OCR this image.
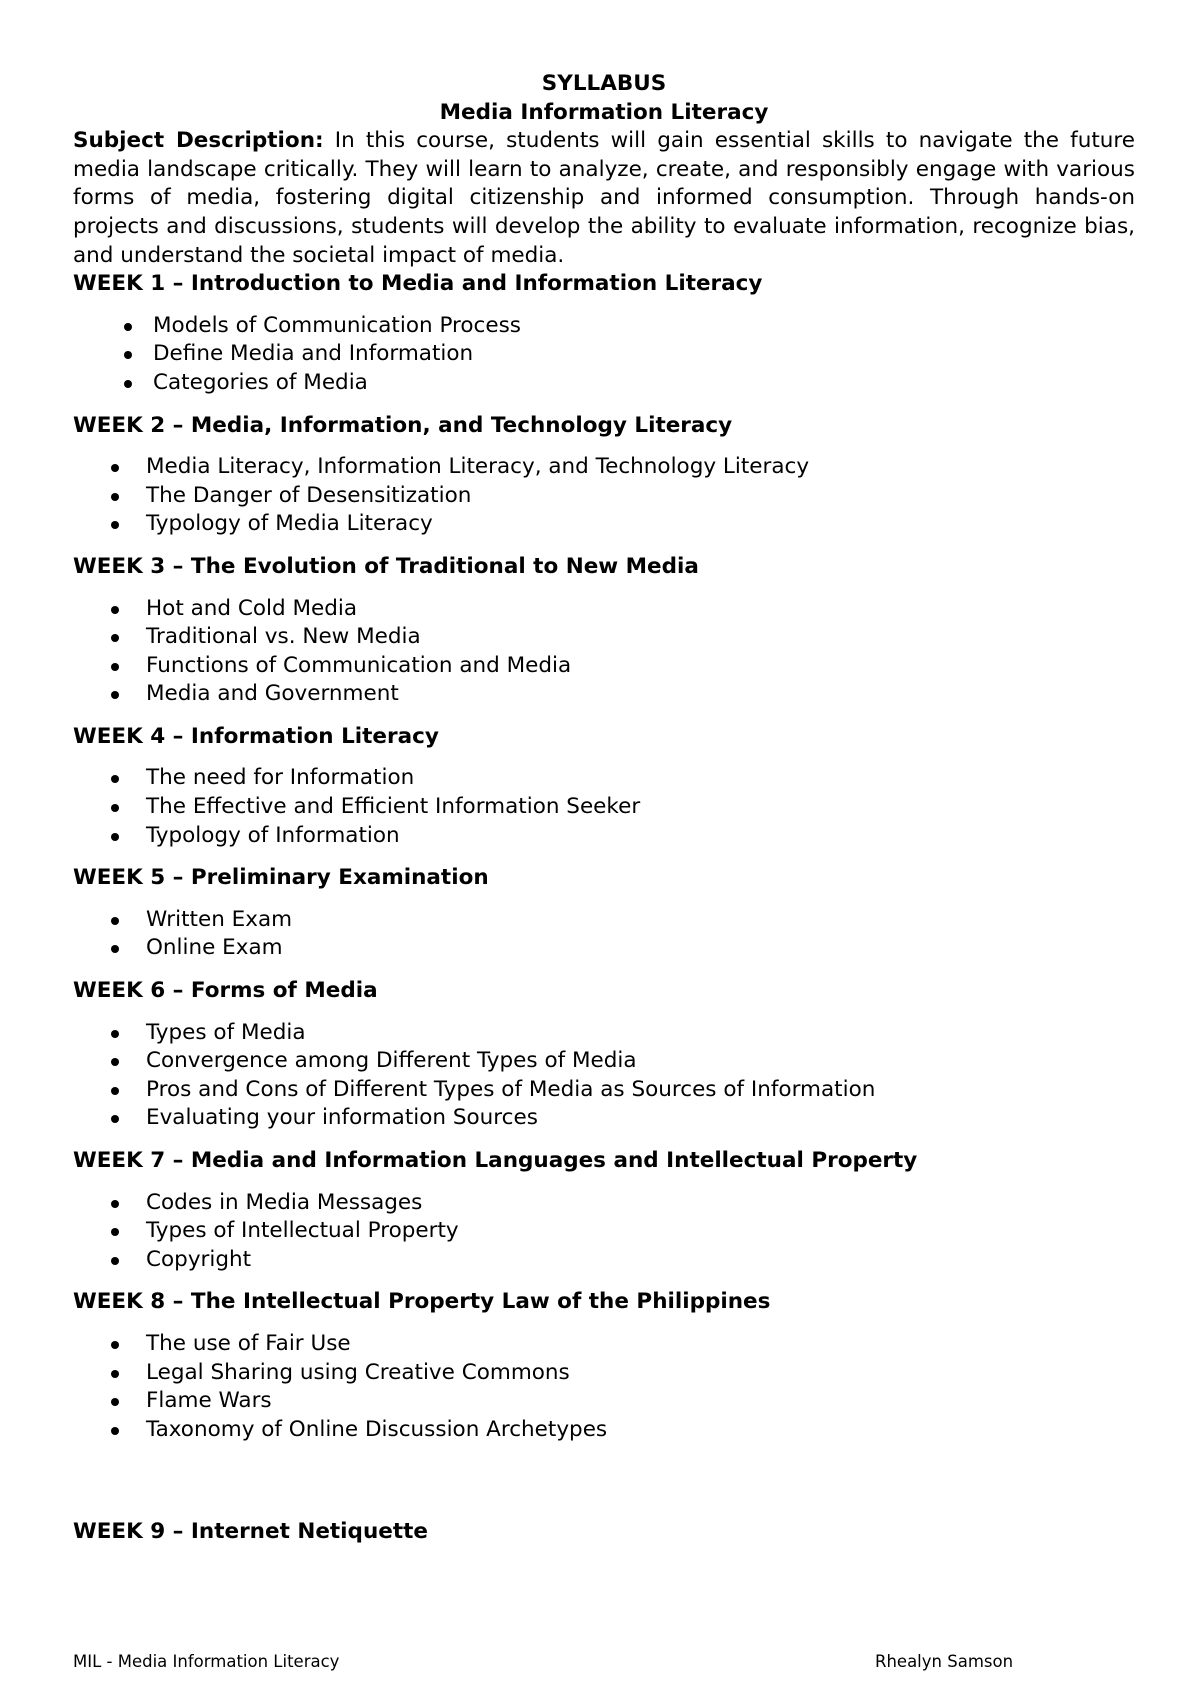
SYLLABUS

Media Information Literacy

Subject Description: In this course, students will gain essential skills to navigate the future media landscape critically. They will learn to analyze, create, and responsibly engage with various forms of media, fostering digital citizenship and informed consumption. Through hands-on projects and discussions, students will develop the ability to evaluate information, recognize bias, and understand the societal impact of media.

WEEK 1 – Introduction to Media and Information Literacy

Models of Communication Process
Define Media and Information
Categories of Media

WEEK 2 – Media, Information, and Technology Literacy

Media Literacy, Information Literacy, and Technology Literacy
The Danger of Desensitization
Typology of Media Literacy

WEEK 3 – The Evolution of Traditional to New Media

Hot and Cold Media
Traditional vs. New Media
Functions of Communication and Media
Media and Government

WEEK 4 – Information Literacy

The need for Information
The Effective and Efficient Information Seeker
Typology of Information

WEEK 5 – Preliminary Examination

Written Exam
Online Exam

WEEK 6 – Forms of Media

Types of Media
Convergence among Different Types of Media
Pros and Cons of Different Types of Media as Sources of Information
Evaluating your information Sources

WEEK 7 – Media and Information Languages and Intellectual Property

Codes in Media Messages
Types of Intellectual Property
Copyright

WEEK 8 – The Intellectual Property Law of the Philippines

The use of Fair Use
Legal Sharing using Creative Commons
Flame Wars
Taxonomy of Online Discussion Archetypes

WEEK 9 – Internet Netiquette

MIL - Media Information Literacy	Rhealyn Samson
